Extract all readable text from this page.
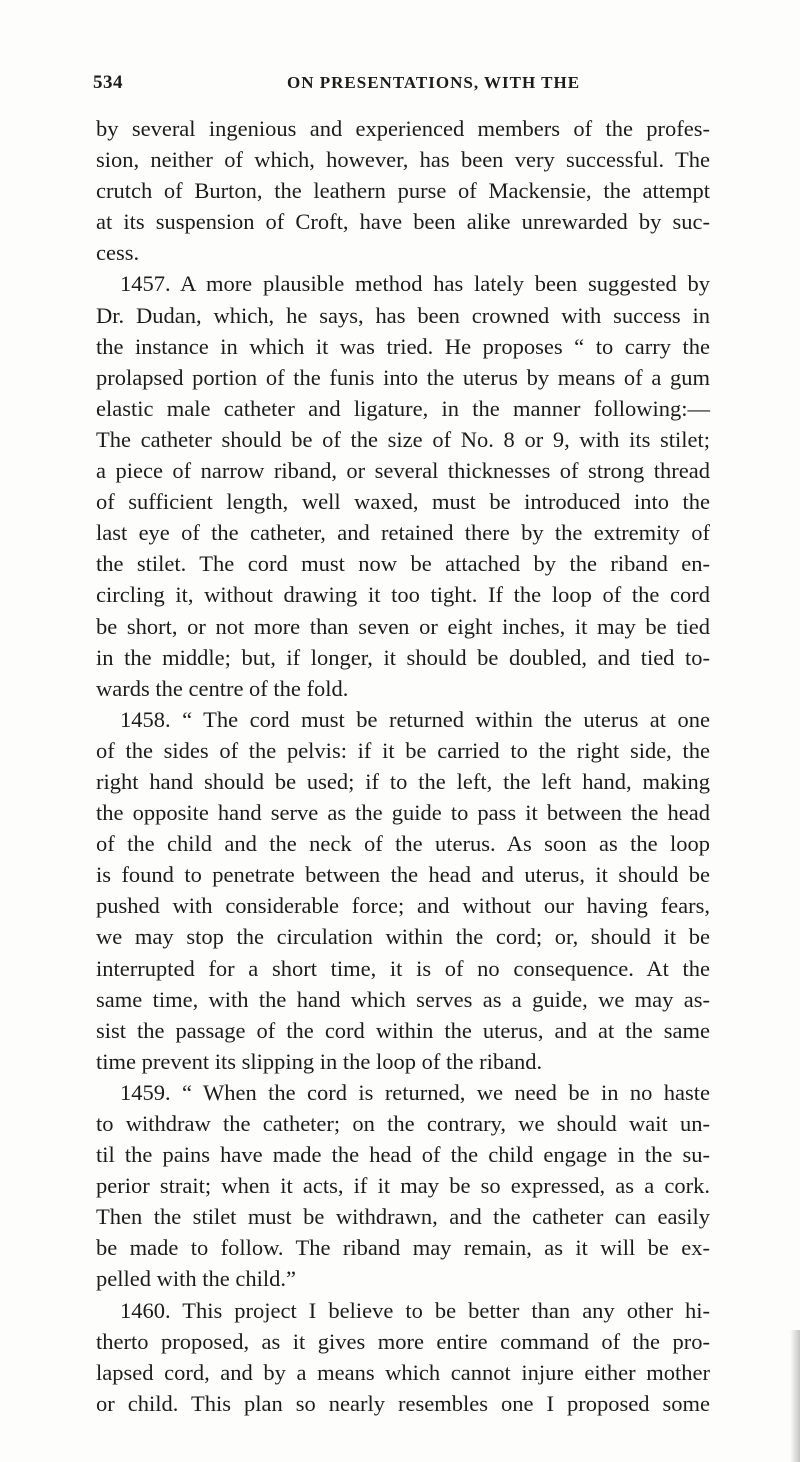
534	ON PRESENTATIONS, WITH THE
by several ingenious and experienced members of the profes-
sion, neither of which, however, has been very successful. The
crutch of Burton, the leathern purse of Mackensie, the attempt
at its suspension of Croft, have been alike unrewarded by suc-
cess.
1457. A more plausible method has lately been suggested by
Dr. Dudan, which, he says, has been crowned with success in
the instance in which it was tried. He proposes “ to carry the
prolapsed portion of the funis into the uterus by means of a gum
elastic male catheter and ligature, in the manner following:—
The catheter should be of the size of No. 8 or 9, with its stilet;
a piece of narrow riband, or several thicknesses of strong thread
of sufficient length, well waxed, must be introduced into the
last eye of the catheter, and retained there by the extremity of
the stilet. The cord must now be attached by the riband en-
circling it, without drawing it too tight. If the loop of the cord
be short, or not more than seven or eight inches, it may be tied
in the middle; but, if longer, it should be doubled, and tied to-
wards the centre of the fold.
1458. “ The cord must be returned within the uterus at one
of the sides of the pelvis: if it be carried to the right side, the
right hand should be used; if to the left, the left hand, making
the opposite hand serve as the guide to pass it between the head
of the child and the neck of the uterus. As soon as the loop
is found to penetrate between the head and uterus, it should be
pushed with considerable force; and without our having fears,
we may stop the circulation within the cord; or, should it be
interrupted for a short time, it is of no consequence. At the
same time, with the hand which serves as a guide, we may as-
sist the passage of the cord within the uterus, and at the same
time prevent its slipping in the loop of the riband.
1459. “ When the cord is returned, we need be in no haste
to withdraw the catheter; on the contrary, we should wait un-
til the pains have made the head of the child engage in the su-
perior strait; when it acts, if it may be so expressed, as a cork.
Then the stilet must be withdrawn, and the catheter can easily
be made to follow. The riband may remain, as it will be ex-
pelled with the child.”
1460. This project I believe to be better than any other hi-
therto proposed, as it gives more entire command of the pro-
lapsed cord, and by a means which cannot injure either mother
or child. This plan so nearly resembles one I proposed some
